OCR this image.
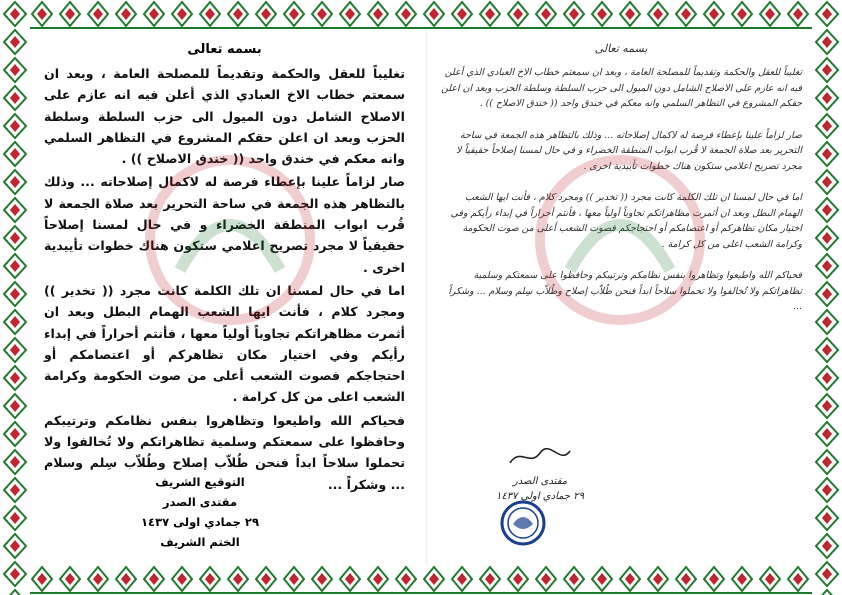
بسمه تعالى

تغليباً للعقل والحكمة وتقديماً للمصلحة العامة ، وبعد ان سمعتم خطاب الاخ العبادي الذي أعلن فيه انه عازم على الاصلاح الشامل دون الميول الى حزب السلطة وسلطة الحزب وبعد ان اعلن حقكم المشروع في التظاهر السلمي وانه معكم في خندق واحد (( خندق الاصلاح )) .

صار لزاماً علينا بإعطاء فرصة له لاكمال إصلاحاته ... وذلك بالتظاهر هذه الجمعة في ساحة التحرير بعد صلاة الجمعة لا قُرب ابواب المنطقة الخضراء و في حال لمسنا إصلاحاً حقيقياً لا مجرد تصريح اعلامي ستكون هناك خطوات تأييدية اخرى .

اما في حال لمسنا ان تلك الكلمة كانت مجرد (( تخدير )) ومجرد كلام ، فأنت ايها الشعب الهمام البطل وبعد ان أثمرت مظاهراتكم تجاوباً أولياً معها ، فأنتم أحراراً في إبداء رأيكم وفي اختيار مكان تظاهركم أو اعتصامكم أو احتجاجكم فصوت الشعب أعلى من صوت الحكومة وكرامة الشعب اعلى من كل كرامة .

فحياكم الله واطيعوا وتظاهروا بنفس نظامكم وترتيبكم وحافظوا على سمعتكم وسلمية تظاهراتكم ولا تُخالفوا ولا تحملوا سلاحاً ابداً فنحن طُلاّب إصلاح وطُلاّب سِلم وسلام ... وشكراً ...

التوقيع الشريف
مقتدى الصدر
٢٩ جمادي اولى ١٤٣٧
الختم الشريف
بسمه تعالى

تغليباً للعقل والحكمة وتقديماً للمصلحة العامة ، وبعد ان سمعتم خطاب الاخ العبادي الذي أعلن فيه انه عازم على الاصلاح الشامل دون الميول الى حزب السلطة وسلطة الحزب وبعد ان اعلن حقكم المشروع في التظاهر السلمي وانه معكم في خندق واحد (( خندق الاصلاح )) .

صار لزاماً علينا بإعطاء فرصة له لاكمال إصلاحاته ... وذلك بالتظاهر هذه الجمعة في ساحة التحرير بعد صلاة الجمعة لا قُرب ابواب المنطقة الخضراء و في حال لمسنا إصلاحاً حقيقياً لا مجرد تصريح اعلامي ستكون هناك خطوات تأييدية اخرى .

اما في حال لمسنا ان تلك الكلمة كانت مجرد (( تخدير )) ومجرد كلام ، فأنت ايها الشعب الهمام البطل وبعد ان أثمرت مظاهراتكم تجاوباً أولياً معها ، فأنتم أحراراً في إبداء رأيكم وفي اختيار مكان تظاهركم أو اعتصامكم أو احتجاجكم فصوت الشعب أعلى من صوت الحكومة وكرامة الشعب اعلى من كل كرامة .

فحياكم الله واطيعوا وتظاهروا بنفس نظامكم وترتيبكم وحافظوا على سمعتكم وسلمية تظاهراتكم ولا تُخالفوا ولا تحملوا سلاحاً ابداً فنحن طُلاّب إصلاح وطُلاّب سِلم وسلام ... وشكراً ...

مقتدى الصدر
٢٩ جمادي اولى ١٤٣٧
